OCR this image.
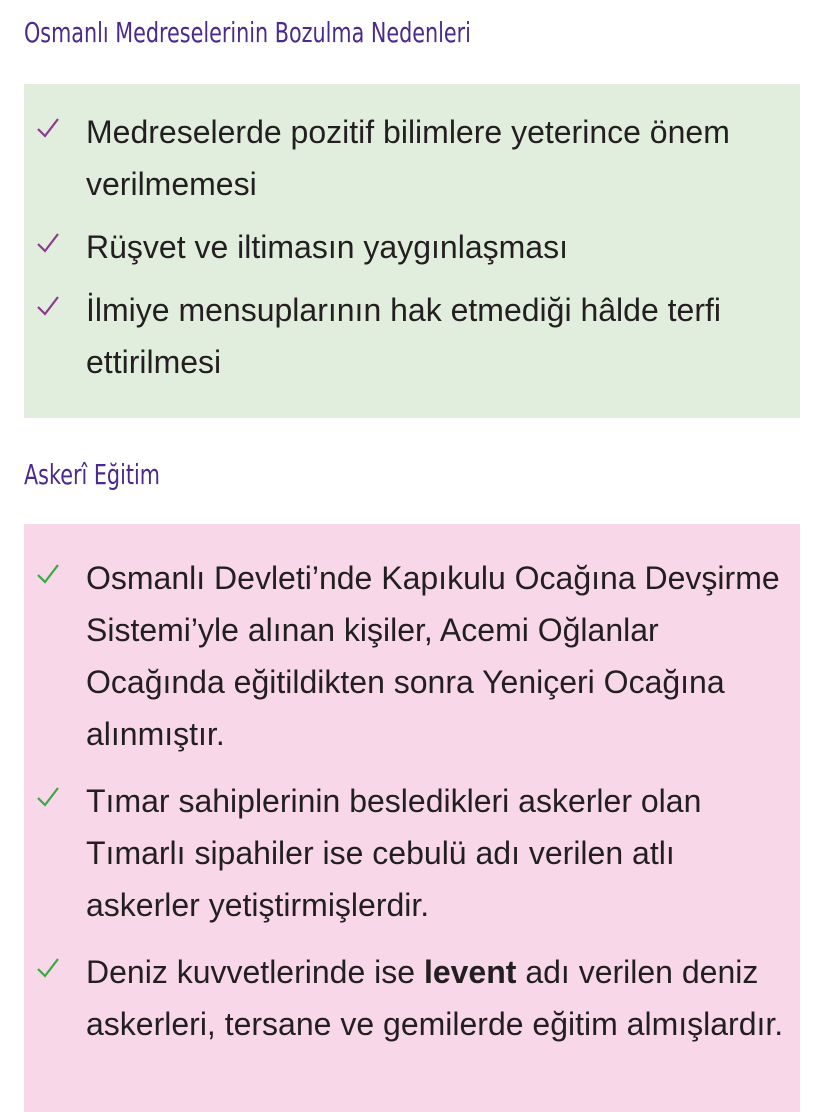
Osmanlı Medreselerinin Bozulma Nedenleri
Medreselerde pozitif bilimlere yeterince önem verilmemesi
Rüşvet ve iltimasın yaygınlaşması
İlmiye mensuplarının hak etmediği hâlde terfi ettirilmesi
Askerî Eğitim
Osmanlı Devleti’nde Kapıkulu Ocağına Devşirme Sistemi’yle alınan kişiler, Acemi Oğlanlar Ocağında eğitildikten sonra Yeniçeri Ocağına alınmıştır.
Tımar sahiplerinin besledikleri askerler olan Tımarlı sipahiler ise cebulü adı verilen atlı askerler yetiştirmişlerdir.
Deniz kuvvetlerinde ise levent adı verilen deniz askerleri, tersane ve gemilerde eğitim almışlardır.
